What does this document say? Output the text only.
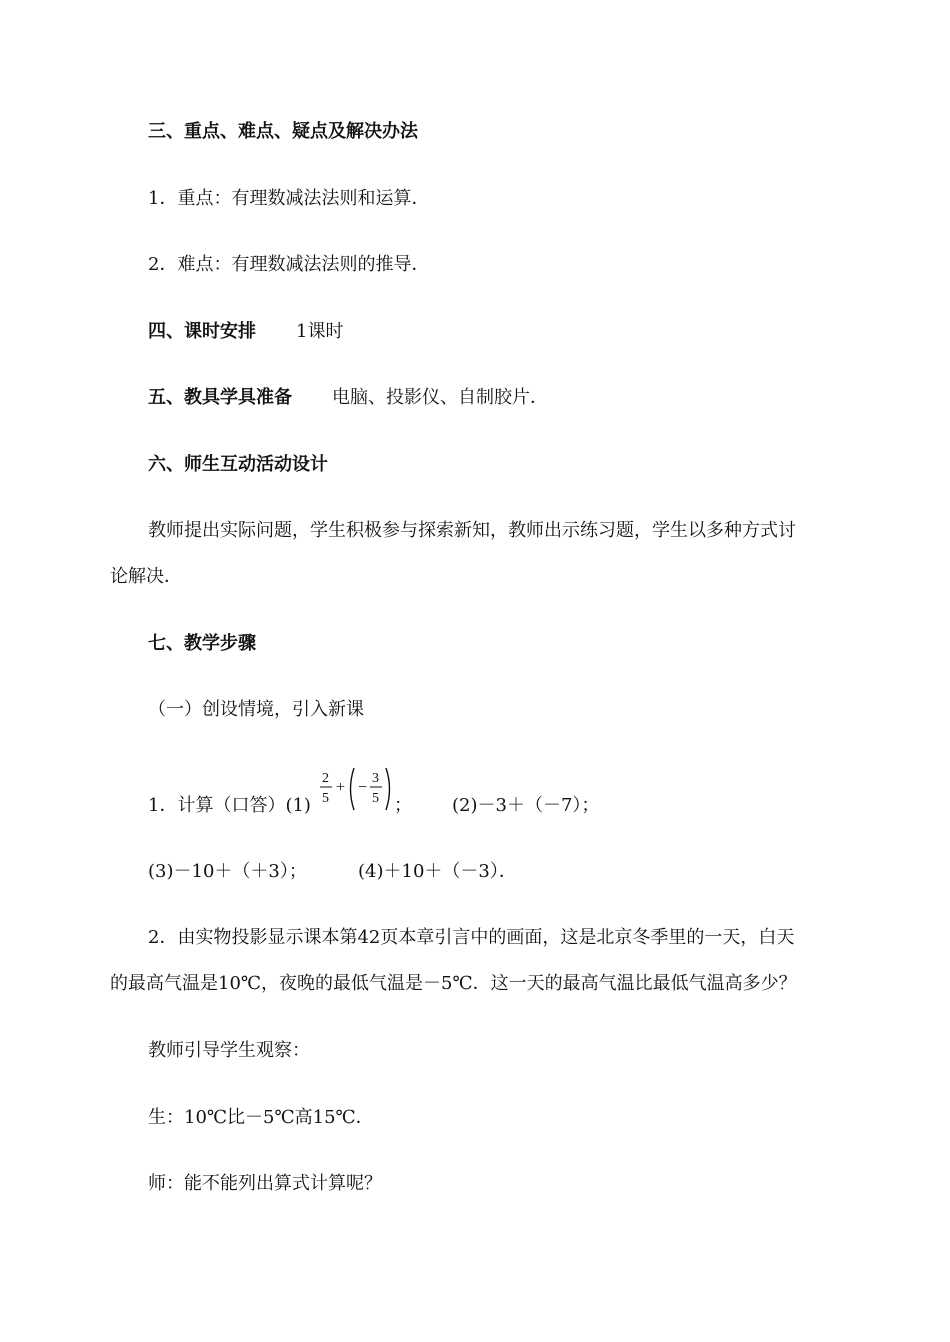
三、重点、难点、疑点及解决办法
1．重点：有理数减法法则和运算．
2．难点：有理数减法法则的推导．
四、课时安排 1课时
五、教具学具准备 电脑、投影仪、自制胶片．
六、师生互动活动设计
教师提出实际问题，学生积极参与探索新知，教师出示练习题，学生以多种方式讨
论解决．
七、教学步骤
（一）创设情境，引入新课
1．计算（口答）(1)
2
5
+ −
3
5 ； (2)－3＋（－7）；
(3)－10＋（＋3）；	(4)＋10＋（－3）．
2．由实物投影显示课本第42页本章引言中的画面，这是北京冬季里的一天，白天
的最高气温是10℃，夜晚的最低气温是－5℃．这一天的最高气温比最低气温高多少？
教师引导学生观察：
生：10℃比－5℃高15℃．
师：能不能列出算式计算呢？
